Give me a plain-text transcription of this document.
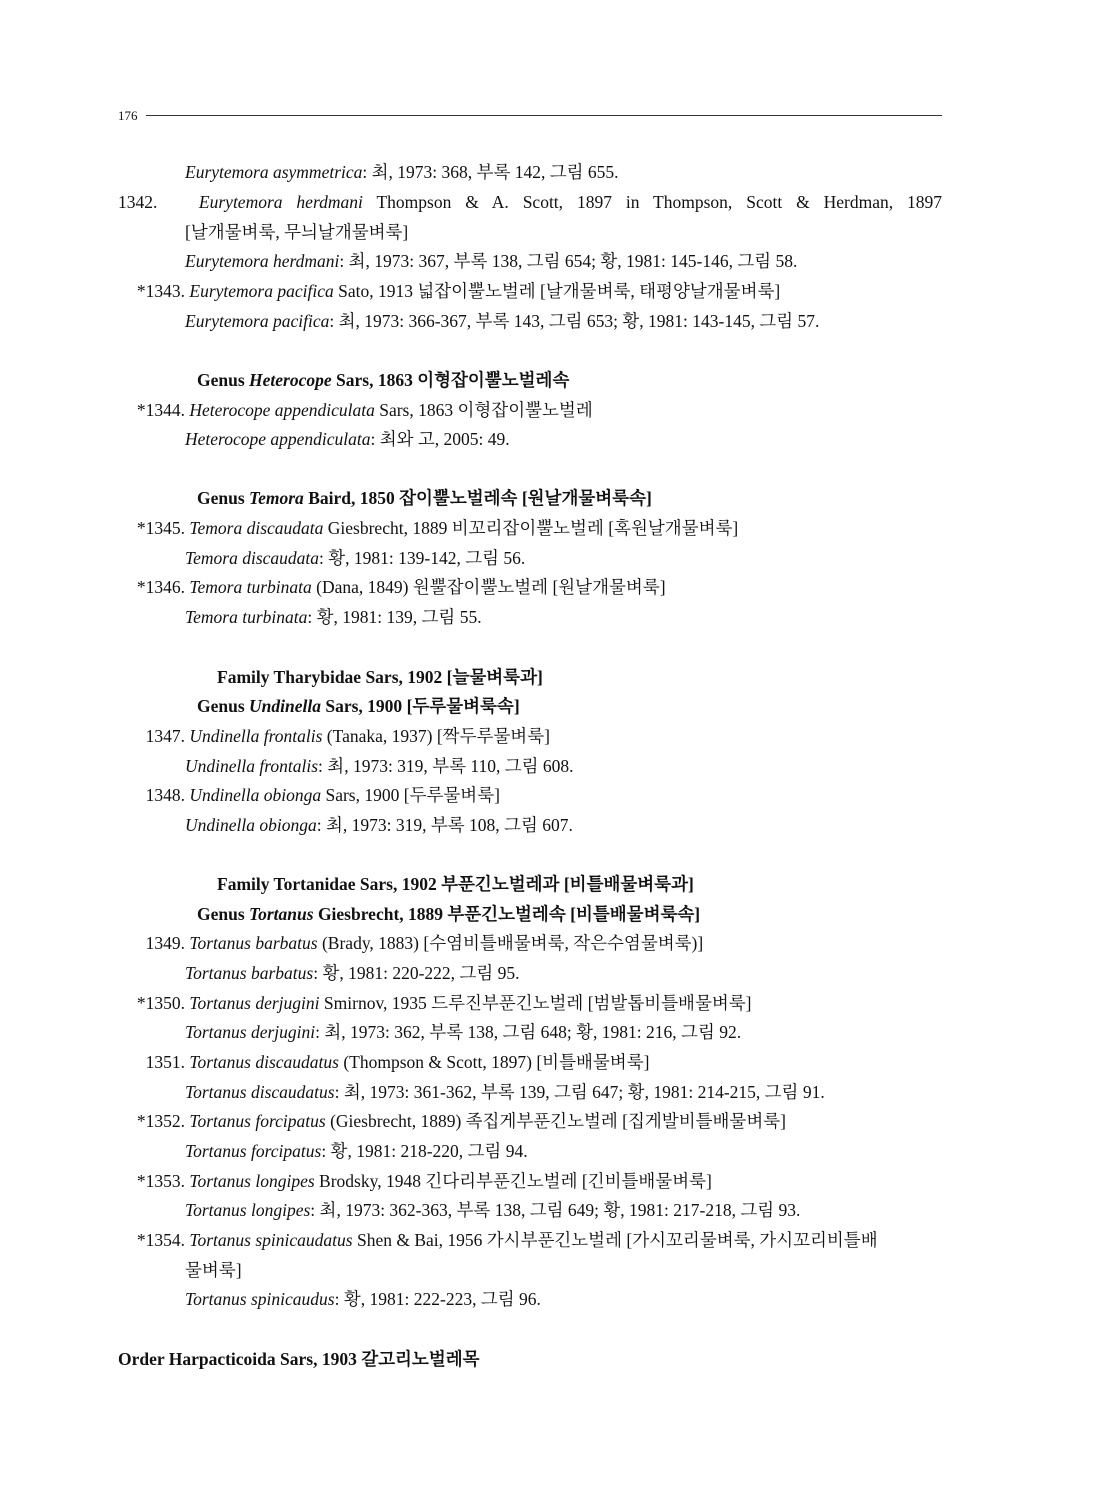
176
Eurytemora asymmetrica: 최, 1973: 368, 부록 142, 그림 655.
1342. Eurytemora herdmani Thompson & A. Scott, 1897 in Thompson, Scott & Herdman, 1897
[날개물벼룩, 무늬날개물벼룩]
Eurytemora herdmani: 최, 1973: 367, 부록 138, 그림 654; 황, 1981: 145-146, 그림 58.
*1343. Eurytemora pacifica Sato, 1913 넓잡이뿔노벌레 [날개물벼룩, 태평양날개물벼룩]
Eurytemora pacifica: 최, 1973: 366-367, 부록 143, 그림 653; 황, 1981: 143-145, 그림 57.
Genus Heterocope Sars, 1863 이형잡이뿔노벌레속
*1344. Heterocope appendiculata Sars, 1863 이형잡이뿔노벌레
Heterocope appendiculata: 최와 고, 2005: 49.
Genus Temora Baird, 1850 잡이뿔노벌레속 [원날개물벼룩속]
*1345. Temora discaudata Giesbrecht, 1889 비꼬리잡이뿔노벌레 [혹원날개물벼룩]
Temora discaudata: 황, 1981: 139-142, 그림 56.
*1346. Temora turbinata (Dana, 1849) 원뿔잡이뿔노벌레 [원날개물벼룩]
Temora turbinata: 황, 1981: 139, 그림 55.
Family Tharybidae Sars, 1902 [늘물벼룩과]
Genus Undinella Sars, 1900 [두루물벼룩속]
1347. Undinella frontalis (Tanaka, 1937) [짝두루물벼룩]
Undinella frontalis: 최, 1973: 319, 부록 110, 그림 608.
1348. Undinella obionga Sars, 1900 [두루물벼룩]
Undinella obionga: 최, 1973: 319, 부록 108, 그림 607.
Family Tortanidae Sars, 1902 부푼긴노벌레과 [비틀배물벼룩과]
Genus Tortanus Giesbrecht, 1889 부푼긴노벌레속 [비틀배물벼룩속]
1349. Tortanus barbatus (Brady, 1883) [수염비틀배물벼룩, 작은수염물벼룩)]
Tortanus barbatus: 황, 1981: 220-222, 그림 95.
*1350. Tortanus derjugini Smirnov, 1935 드루진부푼긴노벌레 [범발톱비틀배물벼룩]
Tortanus derjugini: 최, 1973: 362, 부록 138, 그림 648; 황, 1981: 216, 그림 92.
1351. Tortanus discaudatus (Thompson & Scott, 1897) [비틀배물벼룩]
Tortanus discaudatus: 최, 1973: 361-362, 부록 139, 그림 647; 황, 1981: 214-215, 그림 91.
*1352. Tortanus forcipatus (Giesbrecht, 1889) 족집게부푼긴노벌레 [집게발비틀배물벼룩]
Tortanus forcipatus: 황, 1981: 218-220, 그림 94.
*1353. Tortanus longipes Brodsky, 1948 긴다리부푼긴노벌레 [긴비틀배물벼룩]
Tortanus longipes: 최, 1973: 362-363, 부록 138, 그림 649; 황, 1981: 217-218, 그림 93.
*1354. Tortanus spinicaudatus Shen & Bai, 1956 가시부푼긴노벌레 [가시꼬리물벼룩, 가시꼬리비틀배
물벼룩]
Tortanus spinicaudus: 황, 1981: 222-223, 그림 96.
Order Harpacticoida Sars, 1903 갈고리노벌레목
